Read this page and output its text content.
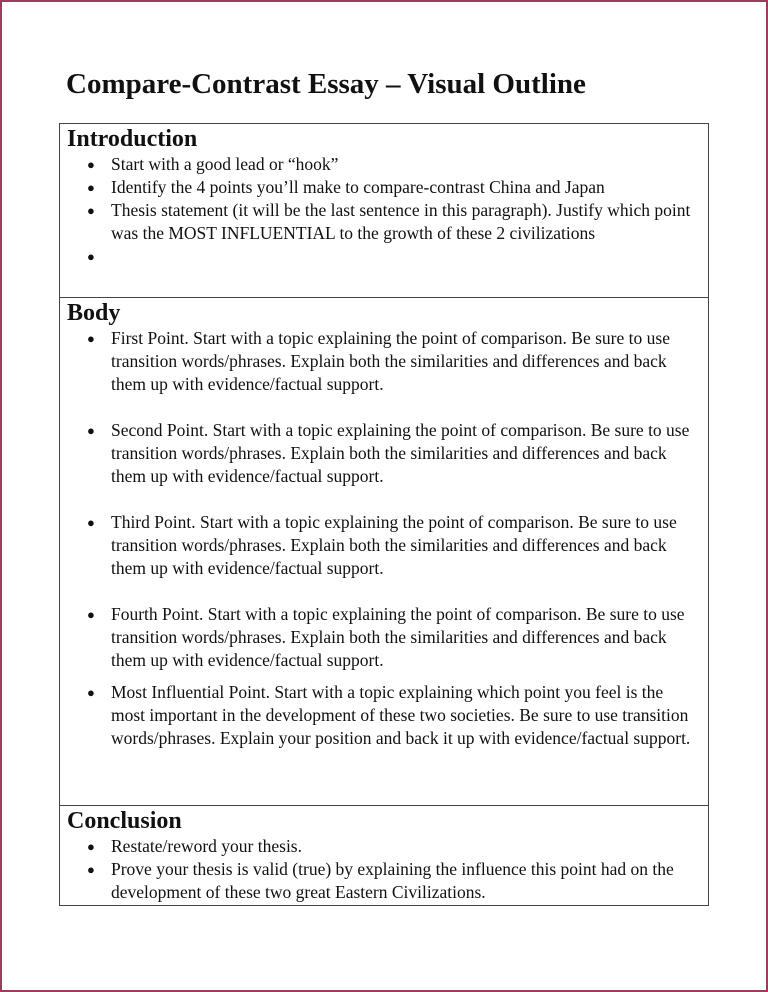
Compare-Contrast Essay – Visual Outline
Introduction
● Start with a good lead or “hook”
● Identify the 4 points you’ll make to compare-contrast China and Japan
● Thesis statement (it will be the last sentence in this paragraph). Justify which point was the MOST INFLUENTIAL to the growth of these 2 civilizations
●
Body
● First Point. Start with a topic explaining the point of comparison. Be sure to use transition words/phrases. Explain both the similarities and differences and back them up with evidence/factual support.
● Second Point. Start with a topic explaining the point of comparison. Be sure to use transition words/phrases. Explain both the similarities and differences and back them up with evidence/factual support.
● Third Point. Start with a topic explaining the point of comparison. Be sure to use transition words/phrases. Explain both the similarities and differences and back them up with evidence/factual support.
● Fourth Point. Start with a topic explaining the point of comparison. Be sure to use transition words/phrases. Explain both the similarities and differences and back them up with evidence/factual support.
● Most Influential Point. Start with a topic explaining which point you feel is the most important in the development of these two societies. Be sure to use transition words/phrases. Explain your position and back it up with evidence/factual support.
Conclusion
● Restate/reword your thesis.
● Prove your thesis is valid (true) by explaining the influence this point had on the development of these two great Eastern Civilizations.
